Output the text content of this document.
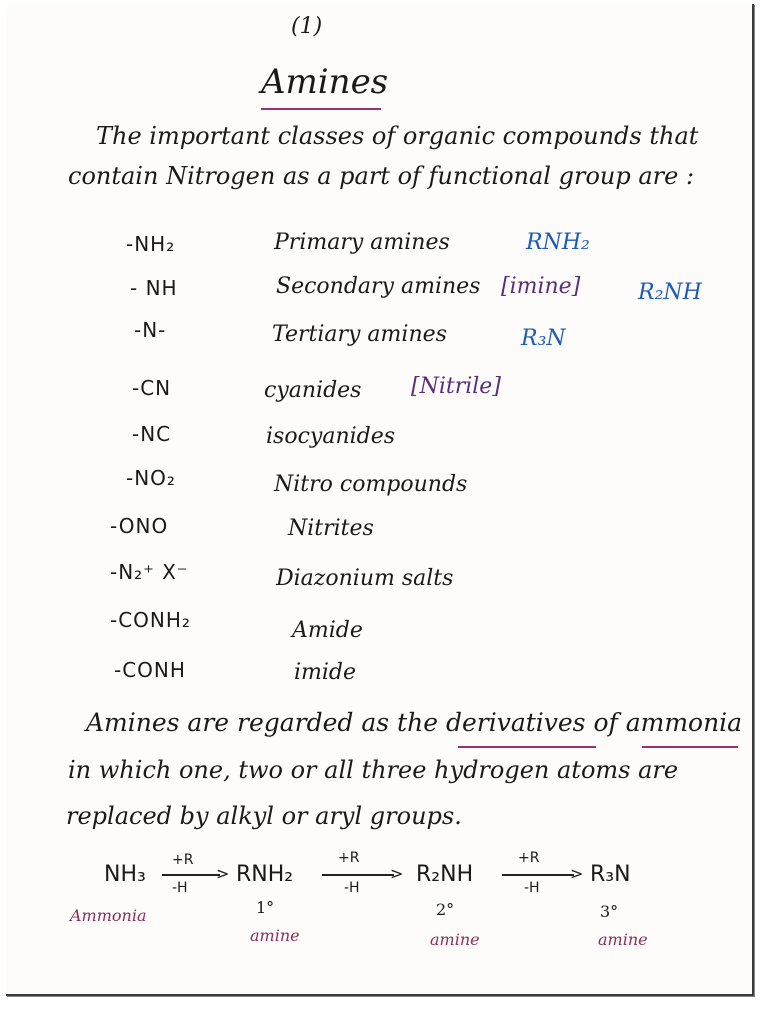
(1)
Amines
The important classes of organic compounds that
contain Nitrogen as a part of functional group are :
-NH₂	Primary amines	RNH₂
- NH	Secondary amines [imine]	R₂NH
-N-	Tertiary amines	R₃N
-CN	cyanides [Nitrile]
-NC	isocyanides
-NO₂	Nitro compounds
-ONO	Nitrites
-N₂⁺ X⁻	Diazonium salts
-CONH₂	Amide
-CONH	imide
Amines are regarded as the derivatives of ammonia
in which one, two or all three hydrogen atoms are
replaced by alkyl or aryl groups.
NH₃
Ammonia
+R
>
-H
RNH₂
1°
amine
+R
>
-H
R₂NH
2°
amine
+R
>
-H
R₃N
3°
amine
